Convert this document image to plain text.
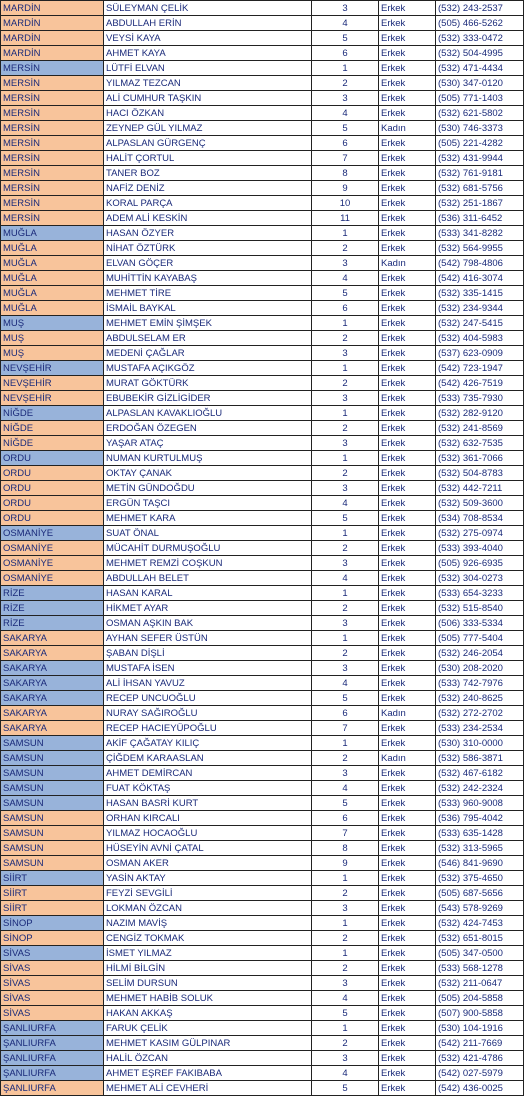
MARDİN	SÜLEYMAN ÇELİK	3	Erkek	(532) 243-2537
MARDİN	ABDULLAH ERİN	4	Erkek	(505) 466-5262
MARDİN	VEYSİ KAYA	5	Erkek	(532) 333-0472
MARDİN	AHMET KAYA	6	Erkek	(532) 504-4995
MERSİN	LÜTFİ ELVAN	1	Erkek	(532) 471-4434
MERSİN	YILMAZ TEZCAN	2	Erkek	(530) 347-0120
MERSİN	ALİ CUMHUR TAŞKIN	3	Erkek	(505) 771-1403
MERSİN	HACI ÖZKAN	4	Erkek	(532) 621-5802
MERSİN	ZEYNEP GÜL YILMAZ	5	Kadın	(530) 746-3373
MERSİN	ALPASLAN GÜRGENÇ	6	Erkek	(505) 221-4282
MERSİN	HALİT ÇORTUL	7	Erkek	(532) 431-9944
MERSİN	TANER BOZ	8	Erkek	(532) 761-9181
MERSİN	NAFİZ DENİZ	9	Erkek	(532) 681-5756
MERSİN	KORAL PARÇA	10	Erkek	(532) 251-1867
MERSİN	ADEM ALİ KESKİN	11	Erkek	(536) 311-6452
MUĞLA	HASAN ÖZYER	1	Erkek	(533) 341-8282
MUĞLA	NİHAT ÖZTÜRK	2	Erkek	(532) 564-9955
MUĞLA	ELVAN GÖÇER	3	Kadın	(542) 798-4806
MUĞLA	MUHİTTİN KAYABAŞ	4	Erkek	(542) 416-3074
MUĞLA	MEHMET TİRE	5	Erkek	(532) 335-1415
MUĞLA	İSMAİL BAYKAL	6	Erkek	(532) 234-9344
MUŞ	MEHMET EMİN ŞİMŞEK	1	Erkek	(532) 247-5415
MUŞ	ABDULSELAM ER	2	Erkek	(532) 404-5983
MUŞ	MEDENİ ÇAĞLAR	3	Erkek	(537) 623-0909
NEVŞEHİR	MUSTAFA AÇIKGÖZ	1	Erkek	(542) 723-1947
NEVŞEHİR	MURAT GÖKTÜRK	2	Erkek	(542) 426-7519
NEVŞEHİR	EBUBEKİR GİZLİGİDER	3	Erkek	(533) 735-7930
NİĞDE	ALPASLAN KAVAKLIOĞLU	1	Erkek	(532) 282-9120
NİĞDE	ERDOĞAN ÖZEGEN	2	Erkek	(532) 241-8569
NİĞDE	YAŞAR ATAÇ	3	Erkek	(532) 632-7535
ORDU	NUMAN KURTULMUŞ	1	Erkek	(532) 361-7066
ORDU	OKTAY ÇANAK	2	Erkek	(532) 504-8783
ORDU	METİN GÜNDOĞDU	3	Erkek	(532) 442-7211
ORDU	ERGÜN TAŞCI	4	Erkek	(532) 509-3600
ORDU	MEHMET KARA	5	Erkek	(534) 708-8534
OSMANİYE	SUAT ÖNAL	1	Erkek	(532) 275-0974
OSMANİYE	MÜCAHİT DURMUŞOĞLU	2	Erkek	(533) 393-4040
OSMANİYE	MEHMET REMZİ COŞKUN	3	Erkek	(505) 926-6935
OSMANİYE	ABDULLAH BELET	4	Erkek	(532) 304-0273
RİZE	HASAN KARAL	1	Erkek	(533) 654-3233
RİZE	HİKMET AYAR	2	Erkek	(532) 515-8540
RİZE	OSMAN AŞKIN BAK	3	Erkek	(506) 333-5334
SAKARYA	AYHAN SEFER ÜSTÜN	1	Erkek	(505) 777-5404
SAKARYA	ŞABAN DİŞLİ	2	Erkek	(532) 246-2054
SAKARYA	MUSTAFA İSEN	3	Erkek	(530) 208-2020
SAKARYA	ALİ İHSAN YAVUZ	4	Erkek	(533) 742-7976
SAKARYA	RECEP UNCUOĞLU	5	Erkek	(532) 240-8625
SAKARYA	NURAY SAĞIROĞLU	6	Kadın	(532) 272-2702
SAKARYA	RECEP HACIEYÜPOĞLU	7	Erkek	(533) 234-2534
SAMSUN	AKİF ÇAĞATAY KILIÇ	1	Erkek	(530) 310-0000
SAMSUN	ÇİĞDEM KARAASLAN	2	Kadın	(532) 586-3871
SAMSUN	AHMET DEMİRCAN	3	Erkek	(532) 467-6182
SAMSUN	FUAT KÖKTAŞ	4	Erkek	(532) 242-2324
SAMSUN	HASAN BASRİ KURT	5	Erkek	(533) 960-9008
SAMSUN	ORHAN KIRCALI	6	Erkek	(536) 795-4042
SAMSUN	YILMAZ HOCAOĞLU	7	Erkek	(533) 635-1428
SAMSUN	HÜSEYİN AVNİ ÇATAL	8	Erkek	(532) 313-5965
SAMSUN	OSMAN AKER	9	Erkek	(546) 841-9690
SİİRT	YASİN AKTAY	1	Erkek	(532) 375-4650
SİİRT	FEYZİ SEVGİLİ	2	Erkek	(505) 687-5656
SİİRT	LOKMAN ÖZCAN	3	Erkek	(543) 578-9269
SİNOP	NAZIM MAVİŞ	1	Erkek	(532) 424-7453
SİNOP	CENGİZ TOKMAK	2	Erkek	(532) 651-8015
SİVAS	İSMET YILMAZ	1	Erkek	(505) 347-0500
SİVAS	HİLMİ BİLGİN	2	Erkek	(533) 568-1278
SİVAS	SELİM DURSUN	3	Erkek	(532) 211-0647
SİVAS	MEHMET HABİB SOLUK	4	Erkek	(505) 204-5858
SİVAS	HAKAN AKKAŞ	5	Erkek	(507) 900-5858
ŞANLIURFA	FARUK ÇELİK	1	Erkek	(530) 104-1916
ŞANLIURFA	MEHMET KASIM GÜLPINAR	2	Erkek	(542) 211-7669
ŞANLIURFA	HALİL ÖZCAN	3	Erkek	(532) 421-4786
ŞANLIURFA	AHMET EŞREF FAKIBABA	4	Erkek	(542) 027-5979
ŞANLIURFA	MEHMET ALİ CEVHERİ	5	Erkek	(542) 436-0025
